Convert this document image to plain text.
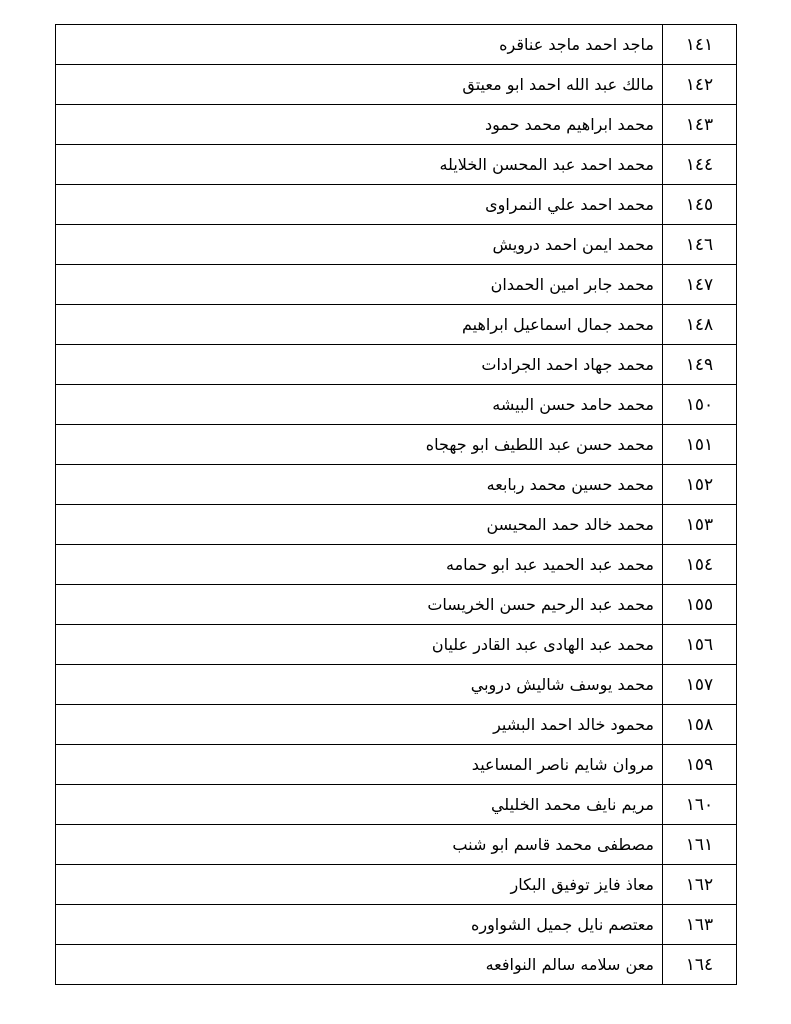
١٤١	ماجد احمد ماجد عناقره
١٤٢	مالك عبد الله احمد ابو معيتق
١٤٣	محمد ابراهيم محمد حمود
١٤٤	محمد احمد عبد المحسن الخلايله
١٤٥	محمد احمد علي النمراوى
١٤٦	محمد ايمن احمد درويش
١٤٧	محمد جابر امين الحمدان
١٤٨	محمد جمال اسماعيل ابراهيم
١٤٩	محمد جهاد احمد الجرادات
١٥٠	محمد حامد حسن البيشه
١٥١	محمد حسن عبد اللطيف ابو جهجاه
١٥٢	محمد حسين محمد ربابعه
١٥٣	محمد خالد حمد المحيسن
١٥٤	محمد عبد الحميد عبد ابو حمامه
١٥٥	محمد عبد الرحيم حسن الخريسات
١٥٦	محمد عبد الهادى عبد القادر عليان
١٥٧	محمد يوسف شاليش دروبي
١٥٨	محمود خالد احمد البشير
١٥٩	مروان شايم ناصر المساعيد
١٦٠	مريم نايف محمد الخليلي
١٦١	مصطفى محمد قاسم ابو شنب
١٦٢	معاذ فايز توفيق البكار
١٦٣	معتصم نايل جميل الشواوره
١٦٤	معن سلامه سالم النوافعه
